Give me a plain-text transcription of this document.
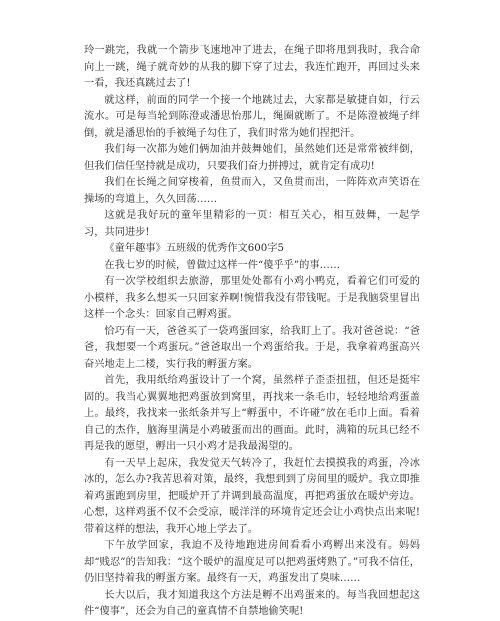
玲一跳完，我就一个箭步飞速地冲了进去，在绳子即将甩到我时，我合命向上一跳，绳子就奇妙的从我的脚下穿了过去，我连忙跑开，再回过头来一看，我还真跳过去了!

就这样，前面的同学一个接一个地跳过去，大家都是敏捷自如，行云流水。可是每当轮到陈澄或潘思怡那儿，绳圈就断了。不是陈澄被绳子绊倒，就是潘思怡的手被绳子勾住了，我们时常为她们捏把汗。

我们每一次都为她们俩加油并鼓舞她们，虽然她们还是常常被绊倒，但我们信任坚持就是成功，只要我们奋力拼搏过，就肯定有成功!

我们在长绳之间穿梭着，鱼贯而入，又鱼贯而出，一阵阵欢声笑语在操场的弯道上，久久回荡……

这就是我好玩的童年里精彩的一页：相互关心，相互鼓舞，一起学习，共同进步!

《童年趣事》五班级的优秀作文600字5

在我七岁的时候，曾做过这样一件“傻乎乎”的事……

有一次学校组织去旅游，那里处处都有小鸡小鸭克，看着它们可爱的小模样，我多么想买一只回家养啊!惋惜我没有带钱呢。于是我脑袋里冒出这样一个念头：回家自己孵鸡蛋。

恰巧有一天，爸爸买了一袋鸡蛋回家，给我盯上了。我对爸爸说：“爸爸，我想要一个鸡蛋玩。”爸爸取出一个鸡蛋给我。于是，我拿着鸡蛋高兴奋兴地走上二楼，实行我的孵蛋方案。

首先，我用纸给鸡蛋设计了一个窝，虽然样子歪歪扭扭，但还是挺牢固的。我当心翼翼地把鸡蛋放到窝里，再找来一条毛巾，轻轻地给鸡蛋盖上。最终，我找来一张纸条并写上“孵蛋中，不许碰”放在毛巾上面。看着自己的杰作，脑海里满是小鸡破蛋而出的画面。此时，满箱的玩具已经不再是我的愿望，孵出一只小鸡才是我最渴望的。

有一天早上起床，我发觉天气转冷了，我赶忙去摸摸我的鸡蛋，冷冰冰的，怎么办?我苦思着对策，最终，我想到到了房间里的暖炉。我立即推着鸡蛋跑到房里，把暖炉开了并调到最高温度，再把鸡蛋放在暖炉旁边。心想，这样鸡蛋不仅不会受凉，暖洋洋的环境肯定还会让小鸡快点出来呢!带着这样的想法，我开心地上学去了。

下午放学回家，我迫不及待地跑进房间看看小鸡孵出来没有。妈妈却“贱忍”的告知我：“这个暖炉的温度足可以把鸡蛋烤熟了。”可我不信任，仍旧坚持着我的孵蛋方案。最终有一天，鸡蛋发出了臭味……

长大以后，我才知道我这个方法是孵不出鸡蛋来的。每当我回想起这件“傻事”，还会为自己的童真情不自禁地偷笑呢!
